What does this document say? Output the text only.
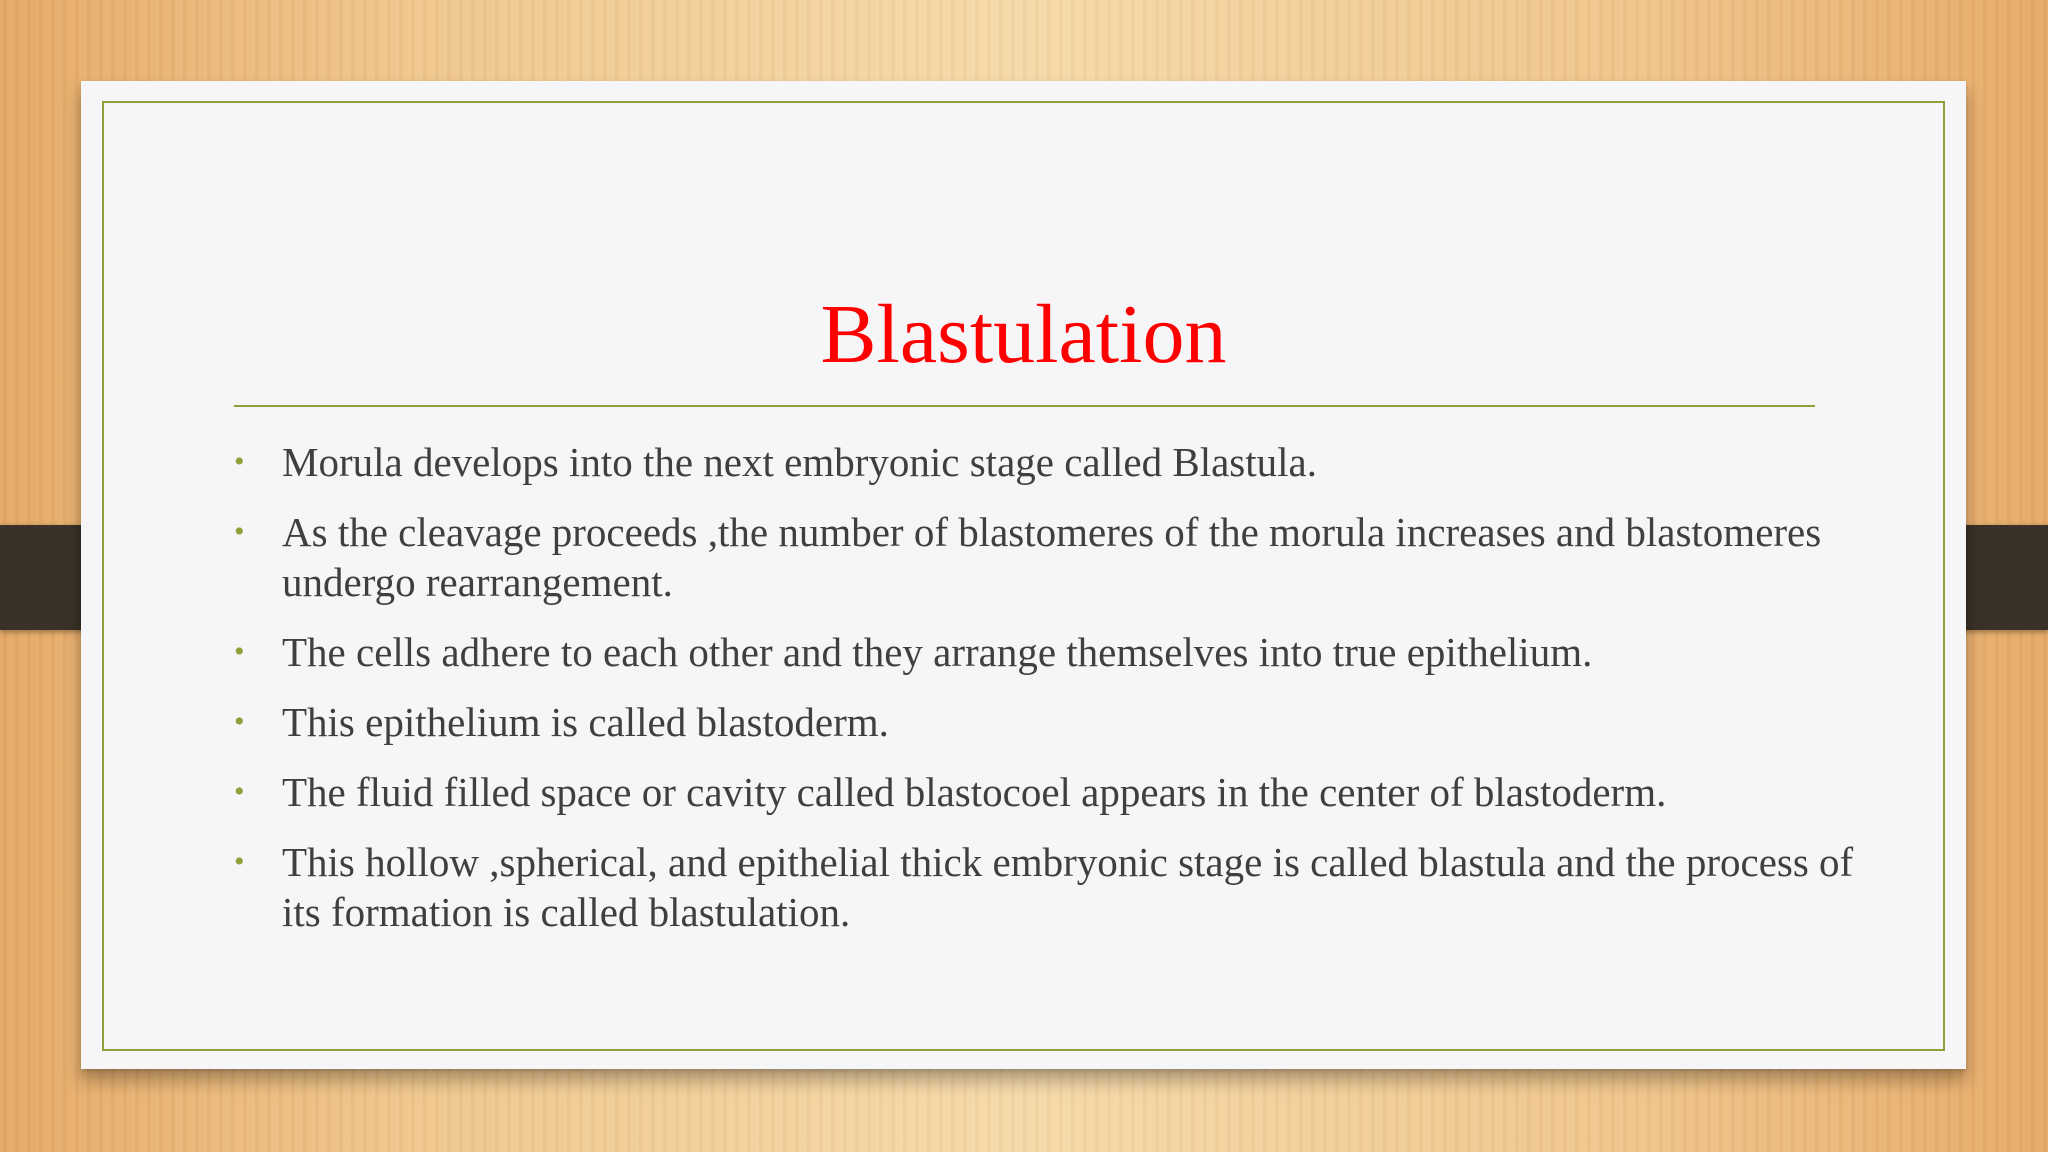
Blastulation
• Morula develops into the next embryonic stage called Blastula.
• As the cleavage proceeds ,the number of blastomeres of the morula increases and blastomeres undergo rearrangement.
• The cells adhere to each other and they arrange themselves into true epithelium.
• This epithelium is called blastoderm.
• The fluid filled space or cavity called blastocoel appears in the center of blastoderm.
• This hollow ,spherical, and epithelial thick embryonic stage is called blastula and the process of its formation is called blastulation.
